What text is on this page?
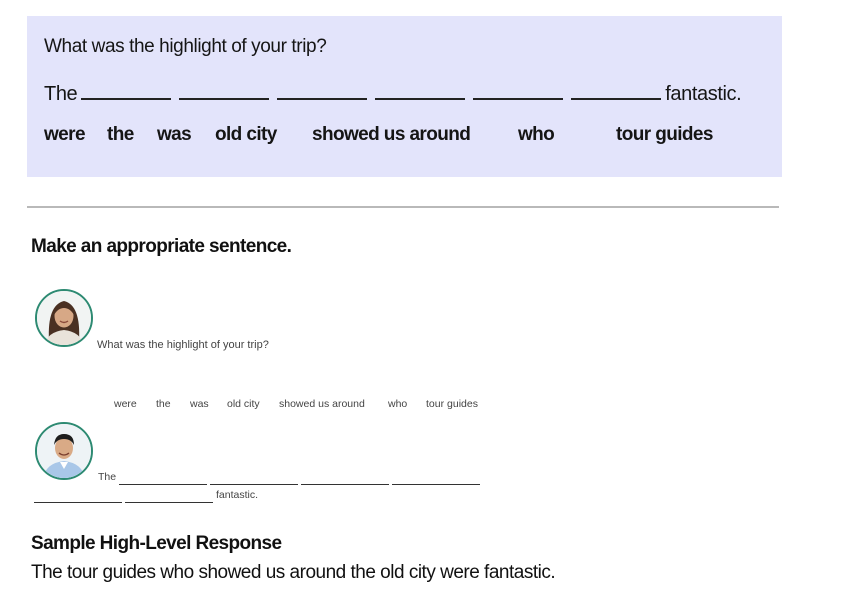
What was the highlight of your trip?
The	fantastic.
were the was old city showed us around	who	tour guides
Make an appropriate sentence.
What was the highlight of your trip?
were the was old city showed us around who tour guides
The
fantastic.
Sample High-Level Response
The tour guides who showed us around the old city were fantastic.
